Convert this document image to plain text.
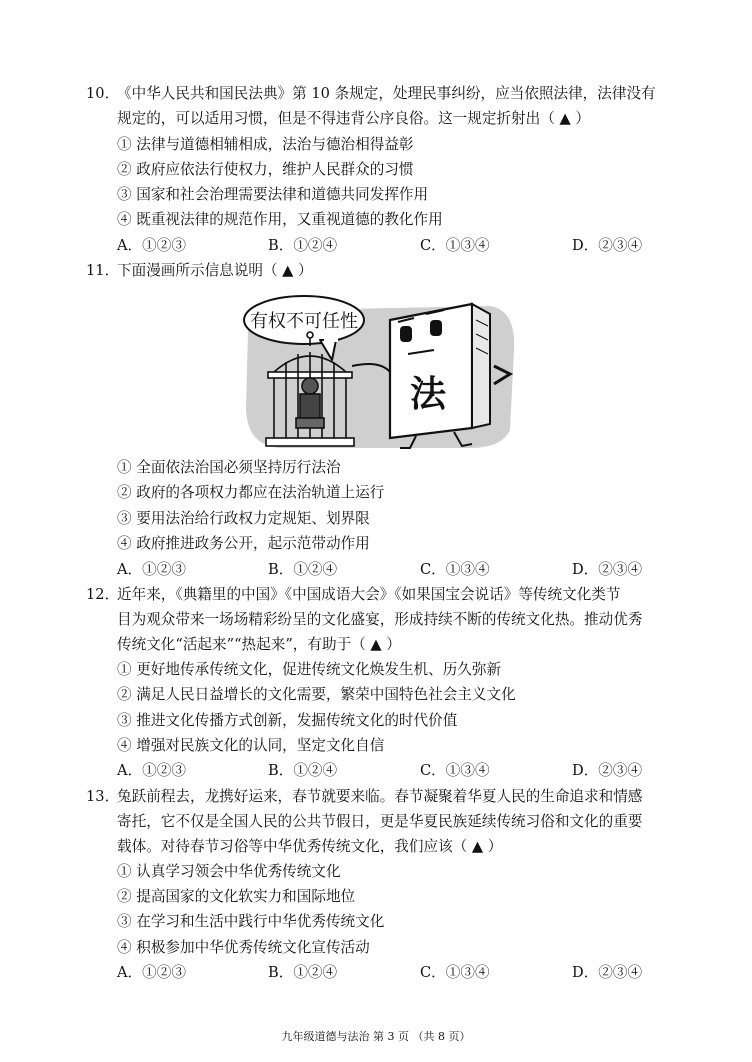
10．
《中华人民共和国民法典》第 10 条规定，处理民事纠纷，应当依照法律，法律没有
规定的，可以适用习惯，但是不得违背公序良俗。这一规定折射出（ ▲ ）
① 法律与道德相辅相成，法治与德治相得益彰
② 政府应依法行使权力，维护人民群众的习惯
③ 国家和社会治理需要法律和道德共同发挥作用
④ 既重视法律的规范作用，又重视道德的教化作用
A．①②③	B．①②④	C．①③④	D．②③④
11．
下面漫画所示信息说明（ ▲ ）
有权不可任性
法
① 全面依法治国必须坚持厉行法治
② 政府的各项权力都应在法治轨道上运行
③ 要用法治给行政权力定规矩、划界限
④ 政府推进政务公开，起示范带动作用
A．①②③	B．①②④	C．①③④	D．②③④
12．
近年来，《典籍里的中国》《中国成语大会》《如果国宝会说话》等传统文化类节
目为观众带来一场场精彩纷呈的文化盛宴，形成持续不断的传统文化热。推动优秀
传统文化“活起来”“热起来”，有助于（ ▲ ）
① 更好地传承传统文化，促进传统文化焕发生机、历久弥新
② 满足人民日益增长的文化需要，繁荣中国特色社会主义文化
③ 推进文化传播方式创新，发掘传统文化的时代价值
④ 增强对民族文化的认同，坚定文化自信
A．①②③	B．①②④	C．①③④	D．②③④
13．
兔跃前程去，龙携好运来，春节就要来临。春节凝聚着华夏人民的生命追求和情感
寄托，它不仅是全国人民的公共节假日，更是华夏民族延续传统习俗和文化的重要
载体。对待春节习俗等中华优秀传统文化，我们应该（ ▲ ）
① 认真学习领会中华优秀传统文化
② 提高国家的文化软实力和国际地位
③ 在学习和生活中践行中华优秀传统文化
④ 积极参加中华优秀传统文化宣传活动
A．①②③	B．①②④	C．①③④	D．②③④
九年级道德与法治 第 3 页 （共 8 页）
